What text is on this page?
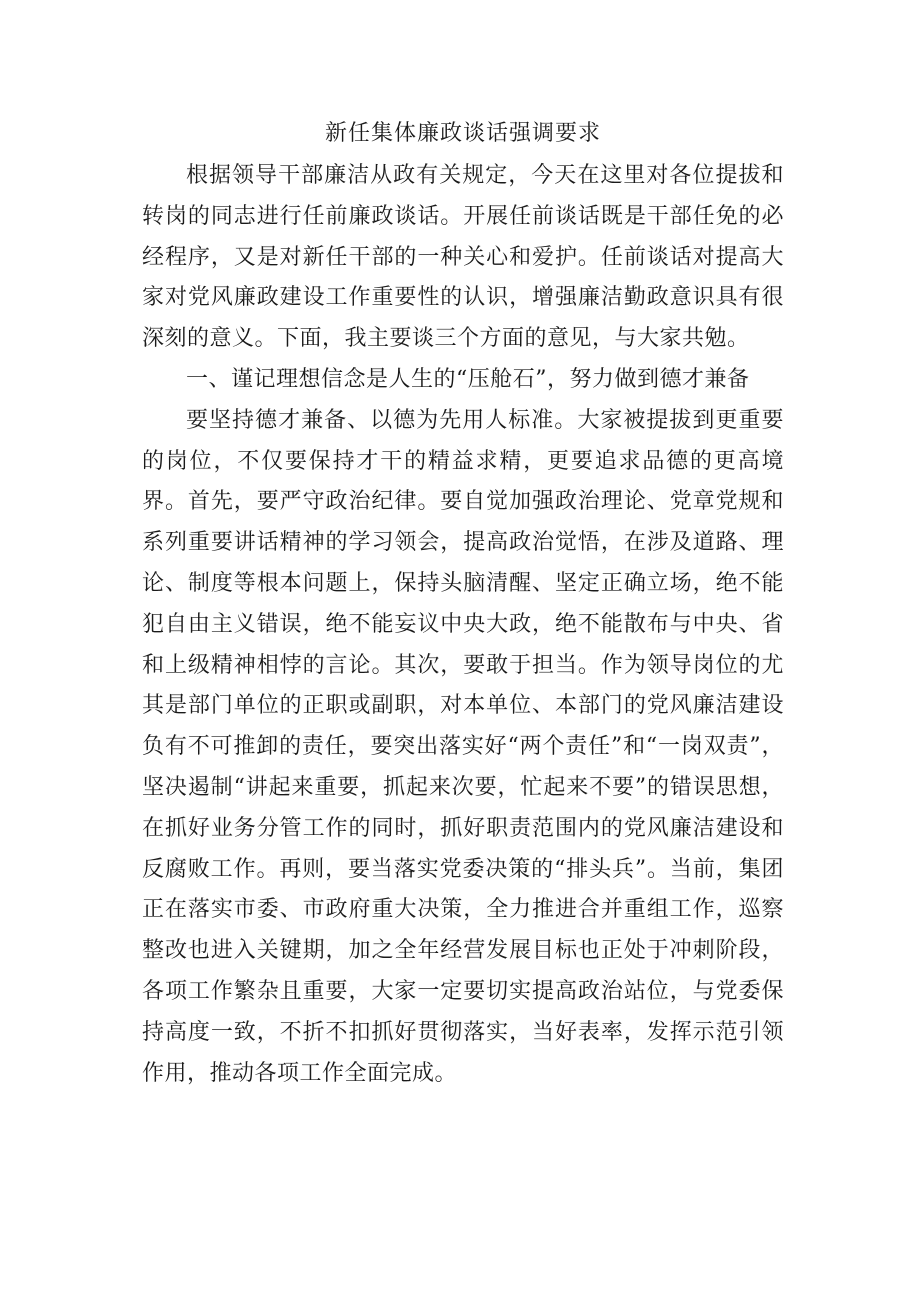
新任集体廉政谈话强调要求

根据领导干部廉洁从政有关规定，今天在这里对各位提拔和转岗的同志进行任前廉政谈话。开展任前谈话既是干部任免的必经程序，又是对新任干部的一种关心和爱护。任前谈话对提高大家对党风廉政建设工作重要性的认识，增强廉洁勤政意识具有很深刻的意义。下面，我主要谈三个方面的意见，与大家共勉。

一、谨记理想信念是人生的“压舱石”，努力做到德才兼备

要坚持德才兼备、以德为先用人标准。大家被提拔到更重要的岗位，不仅要保持才干的精益求精，更要追求品德的更高境界。首先，要严守政治纪律。要自觉加强政治理论、党章党规和系列重要讲话精神的学习领会，提高政治觉悟，在涉及道路、理论、制度等根本问题上，保持头脑清醒、坚定正确立场，绝不能犯自由主义错误，绝不能妄议中央大政，绝不能散布与中央、省和上级精神相悖的言论。其次，要敢于担当。作为领导岗位的尤其是部门单位的正职或副职，对本单位、本部门的党风廉洁建设负有不可推卸的责任，要突出落实好“两个责任”和“一岗双责”，坚决遏制“讲起来重要，抓起来次要，忙起来不要”的错误思想，在抓好业务分管工作的同时，抓好职责范围内的党风廉洁建设和反腐败工作。再则，要当落实党委决策的“排头兵”。当前，集团正在落实市委、市政府重大决策，全力推进合并重组工作，巡察整改也进入关键期，加之全年经营发展目标也正处于冲刺阶段，各项工作繁杂且重要，大家一定要切实提高政治站位，与党委保持高度一致，不折不扣抓好贯彻落实，当好表率，发挥示范引领作用，推动各项工作全面完成。
